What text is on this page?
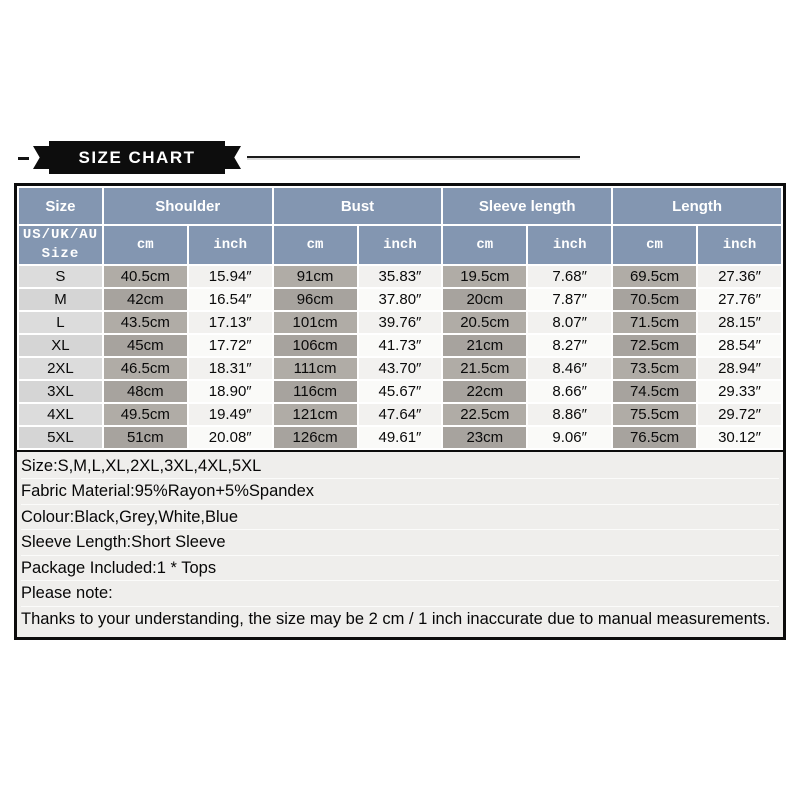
SIZE CHART
Size	Shoulder		Bust		Sleeve length		Length	
US/UK/AU Size	cm	inch	cm	inch	cm	inch	cm	inch
S	40.5cm	15.94″	91cm	35.83″	19.5cm	7.68″	69.5cm	27.36″
M	42cm	16.54″	96cm	37.80″	20cm	7.87″	70.5cm	27.76″
L	43.5cm	17.13″	101cm	39.76″	20.5cm	8.07″	71.5cm	28.15″
XL	45cm	17.72″	106cm	41.73″	21cm	8.27″	72.5cm	28.54″
2XL	46.5cm	18.31″	111cm	43.70″	21.5cm	8.46″	73.5cm	28.94″
3XL	48cm	18.90″	116cm	45.67″	22cm	8.66″	74.5cm	29.33″
4XL	49.5cm	19.49″	121cm	47.64″	22.5cm	8.86″	75.5cm	29.72″
5XL	51cm	20.08″	126cm	49.61″	23cm	9.06″	76.5cm	30.12″
Size:S,M,L,XL,2XL,3XL,4XL,5XL
Fabric Material:95%Rayon+5%Spandex
Colour:Black,Grey,White,Blue
Sleeve Length:Short Sleeve
Package Included:1 * Tops
Please note:
Thanks to your understanding, the size may be 2 cm / 1 inch inaccurate due to manual measurements.
